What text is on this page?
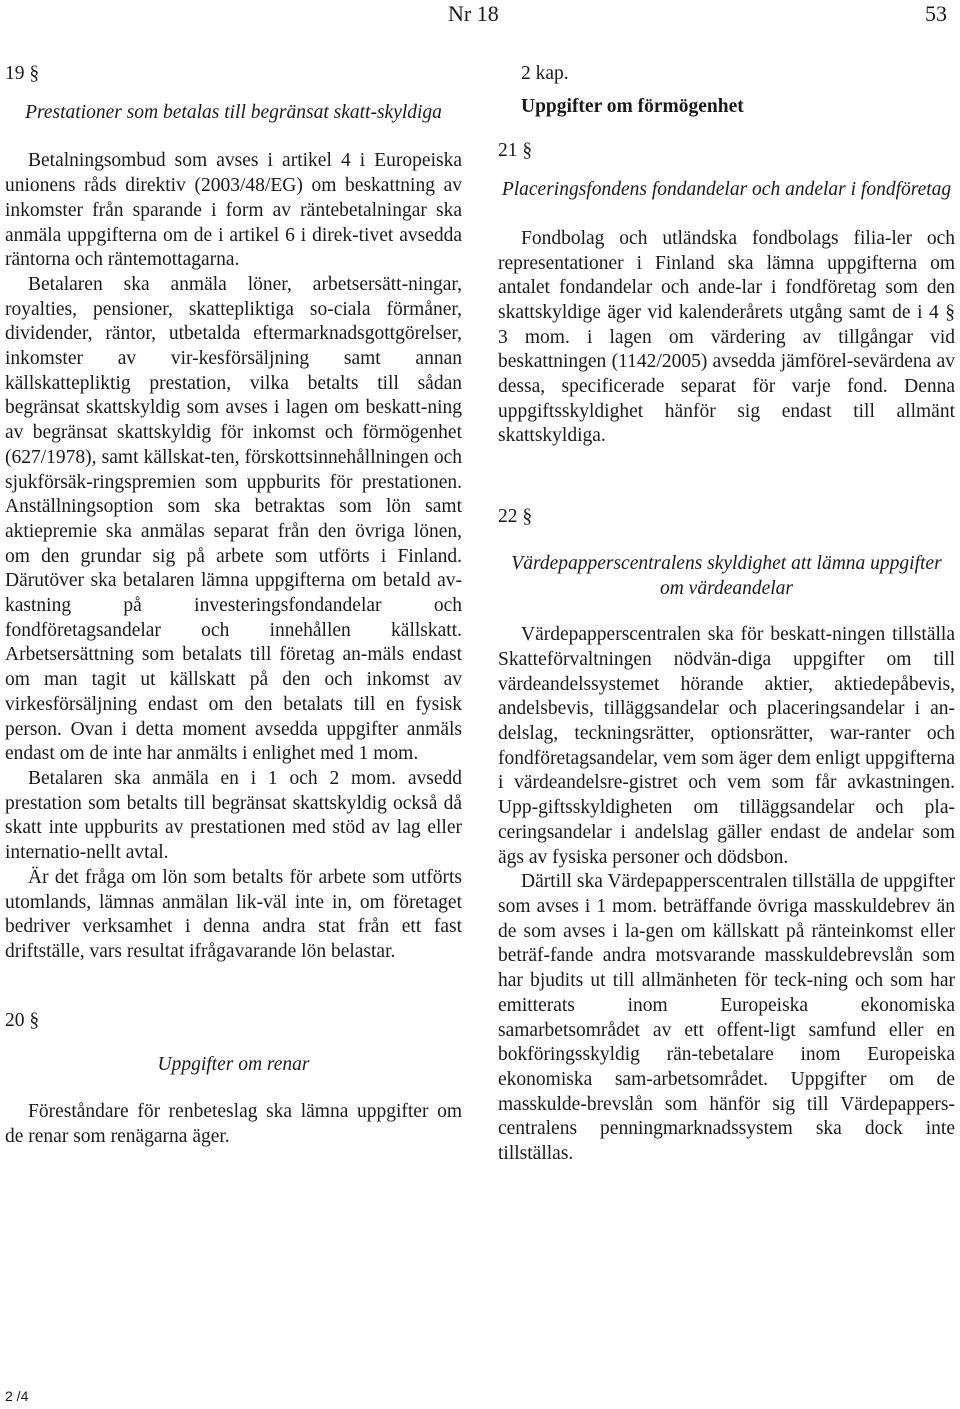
Nr 18	53

19 §

Prestationer som betalas till begränsat skatt-skyldiga

Betalningsombud som avses i artikel 4 i Europeiska unionens råds direktiv (2003/48/EG) om beskattning av inkomster från sparande i form av räntebetalningar ska anmäla uppgifterna om de i artikel 6 i direk-tivet avsedda räntorna och räntemottagarna.

Betalaren ska anmäla löner, arbetsersätt-ningar, royalties, pensioner, skattepliktiga so-ciala förmåner, dividender, räntor, utbetalda eftermarknadsgottgörelser, inkomster av vir-kesförsäljning samt annan källskattepliktig prestation, vilka betalts till sådan begränsat skattskyldig som avses i lagen om beskatt-ning av begränsat skattskyldig för inkomst och förmögenhet (627/1978), samt källskat-ten, förskottsinnehållningen och sjukförsäk-ringspremien som uppburits för prestationen. Anställningsoption som ska betraktas som lön samt aktiepremie ska anmälas separat från den övriga lönen, om den grundar sig på arbete som utförts i Finland. Därutöver ska betalaren lämna uppgifterna om betald av-kastning på investeringsfondandelar och fondföretagsandelar och innehållen källskatt. Arbetsersättning som betalats till företag an-mäls endast om man tagit ut källskatt på den och inkomst av virkesförsäljning endast om den betalats till en fysisk person. Ovan i detta moment avsedda uppgifter anmäls endast om de inte har anmälts i enlighet med 1 mom.

Betalaren ska anmäla en i 1 och 2 mom. avsedd prestation som betalts till begränsat skattskyldig också då skatt inte uppburits av prestationen med stöd av lag eller internatio-nellt avtal.

Är det fråga om lön som betalts för arbete som utförts utomlands, lämnas anmälan lik-väl inte in, om företaget bedriver verksamhet i denna andra stat från ett fast driftställe, vars resultat ifrågavarande lön belastar.

20 §

Uppgifter om renar

Föreståndare för renbeteslag ska lämna uppgifter om de renar som renägarna äger.

2 kap.

Uppgifter om förmögenhet

21 §

Placeringsfondens fondandelar och andelar i fondföretag

Fondbolag och utländska fondbolags filia-ler och representationer i Finland ska lämna uppgifterna om antalet fondandelar och ande-lar i fondföretag som den skattskyldige äger vid kalenderårets utgång samt de i 4 § 3 mom. i lagen om värdering av tillgångar vid beskattningen (1142/2005) avsedda jämförel-sevärdena av dessa, specificerade separat för varje fond. Denna uppgiftsskyldighet hänför sig endast till allmänt skattskyldiga.

22 §

Värdepapperscentralens skyldighet att lämna uppgifter om värdeandelar

Värdepapperscentralen ska för beskatt-ningen tillställa Skatteförvaltningen nödvän-diga uppgifter om till värdeandelssystemet hörande aktier, aktiedepåbevis, andelsbevis, tilläggsandelar och placeringsandelar i an-delslag, teckningsrätter, optionsrätter, war-ranter och fondföretagsandelar, vem som äger dem enligt uppgifterna i värdeandelsre-gistret och vem som får avkastningen. Upp-giftsskyldigheten om tilläggsandelar och pla-ceringsandelar i andelslag gäller endast de andelar som ägs av fysiska personer och dödsbon.

Därtill ska Värdepapperscentralen tillställa de uppgifter som avses i 1 mom. beträffande övriga masskuldebrev än de som avses i la-gen om källskatt på ränteinkomst eller beträf-fande andra motsvarande masskuldebrevslån som har bjudits ut till allmänheten för teck-ning och som har emitterats inom Europeiska ekonomiska samarbetsområdet av ett offent-ligt samfund eller en bokföringsskyldig rän-tebetalare inom Europeiska ekonomiska sam-arbetsområdet. Uppgifter om de masskulde-brevslån som hänför sig till Värdepappers-centralens penningmarknadssystem ska dock inte tillställas.

2 /4
